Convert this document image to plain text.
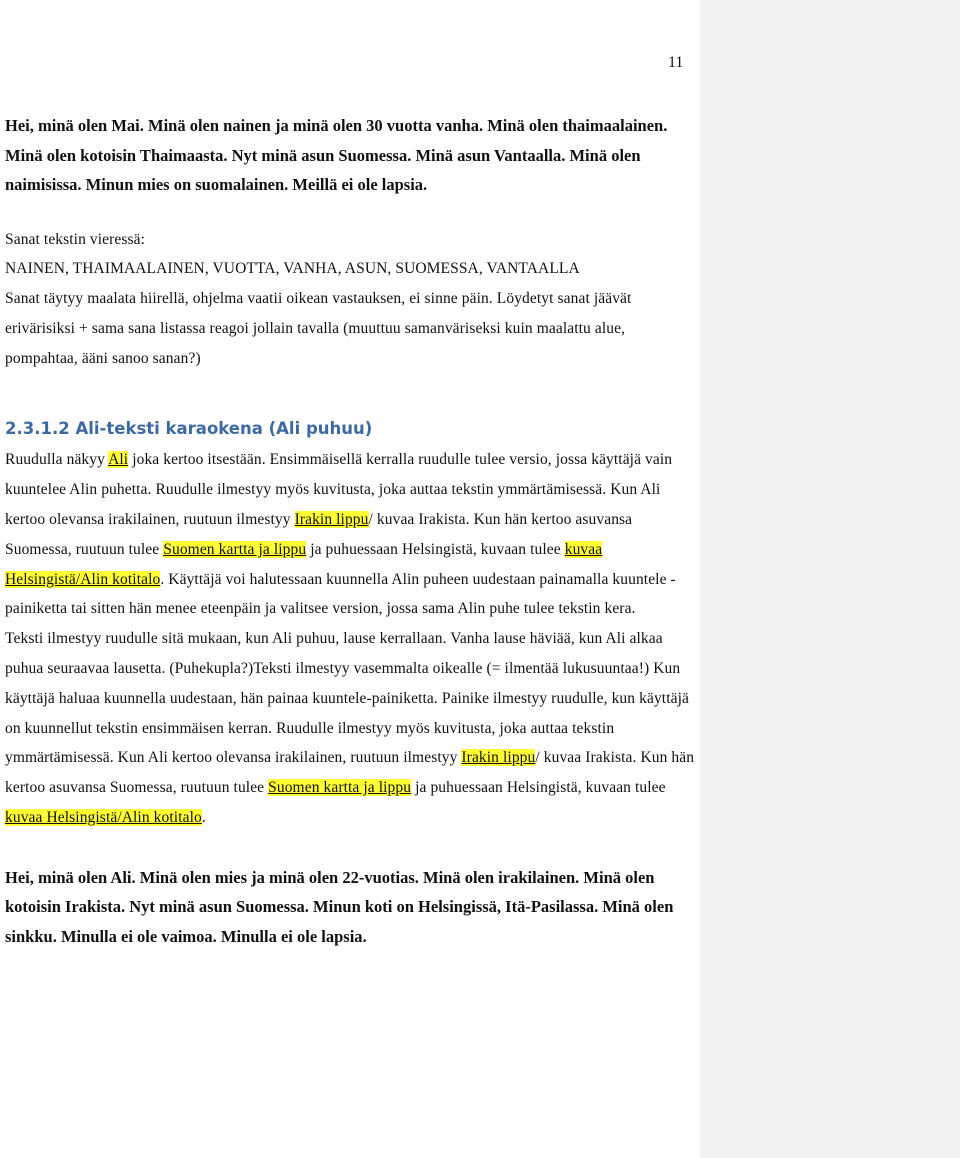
11

Hei, minä olen Mai. Minä olen nainen ja minä olen 30 vuotta vanha. Minä olen thaimaalainen. Minä olen kotoisin Thaimaasta. Nyt minä asun Suomessa. Minä asun Vantaalla. Minä olen naimisissa. Minun mies on suomalainen. Meillä ei ole lapsia.

Sanat tekstin vieressä:

NAINEN, THAIMAALAINEN, VUOTTA, VANHA, ASUN, SUOMESSA, VANTAALLA

Sanat täytyy maalata hiirellä, ohjelma vaatii oikean vastauksen, ei sinne päin. Löydetyt sanat jäävät erivärisiksi + sama sana listassa reagoi jollain tavalla (muuttuu samanväriseksi kuin maalattu alue, pompahtaa, ääni sanoo sanan?)

2.3.1.2 Ali-teksti karaokena (Ali puhuu)

Ruudulla näkyy Ali joka kertoo itsestään. Ensimmäisellä kerralla ruudulle tulee versio, jossa käyttäjä vain kuuntelee Alin puhetta. Ruudulle ilmestyy myös kuvitusta, joka auttaa tekstin ymmärtämisessä. Kun Ali kertoo olevansa irakilainen, ruutuun ilmestyy Irakin lippu/ kuvaa Irakista. Kun hän kertoo asuvansa Suomessa, ruutuun tulee Suomen kartta ja lippu ja puhuessaan Helsingistä, kuvaan tulee kuvaa Helsingistä/Alin kotitalo. Käyttäjä voi halutessaan kuunnella Alin puheen uudestaan painamalla kuuntele -painiketta tai sitten hän menee eteenpäin ja valitsee version, jossa sama Alin puhe tulee tekstin kera.

Teksti ilmestyy ruudulle sitä mukaan, kun Ali puhuu, lause kerrallaan. Vanha lause häviää, kun Ali alkaa puhua seuraavaa lausetta. (Puhekupla?)Teksti ilmestyy vasemmalta oikealle (= ilmentää lukusuuntaa!) Kun käyttäjä haluaa kuunnella uudestaan, hän painaa kuuntele-painiketta. Painike ilmestyy ruudulle, kun käyttäjä on kuunnellut tekstin ensimmäisen kerran. Ruudulle ilmestyy myös kuvitusta, joka auttaa tekstin ymmärtämisessä. Kun Ali kertoo olevansa irakilainen, ruutuun ilmestyy Irakin lippu/ kuvaa Irakista. Kun hän kertoo asuvansa Suomessa, ruutuun tulee Suomen kartta ja lippu ja puhuessaan Helsingistä, kuvaan tulee kuvaa Helsingistä/Alin kotitalo.

Hei, minä olen Ali. Minä olen mies ja minä olen 22-vuotias. Minä olen irakilainen. Minä olen kotoisin Irakista. Nyt minä asun Suomessa. Minun koti on Helsingissä, Itä-Pasilassa. Minä olen sinkku. Minulla ei ole vaimoa. Minulla ei ole lapsia.
